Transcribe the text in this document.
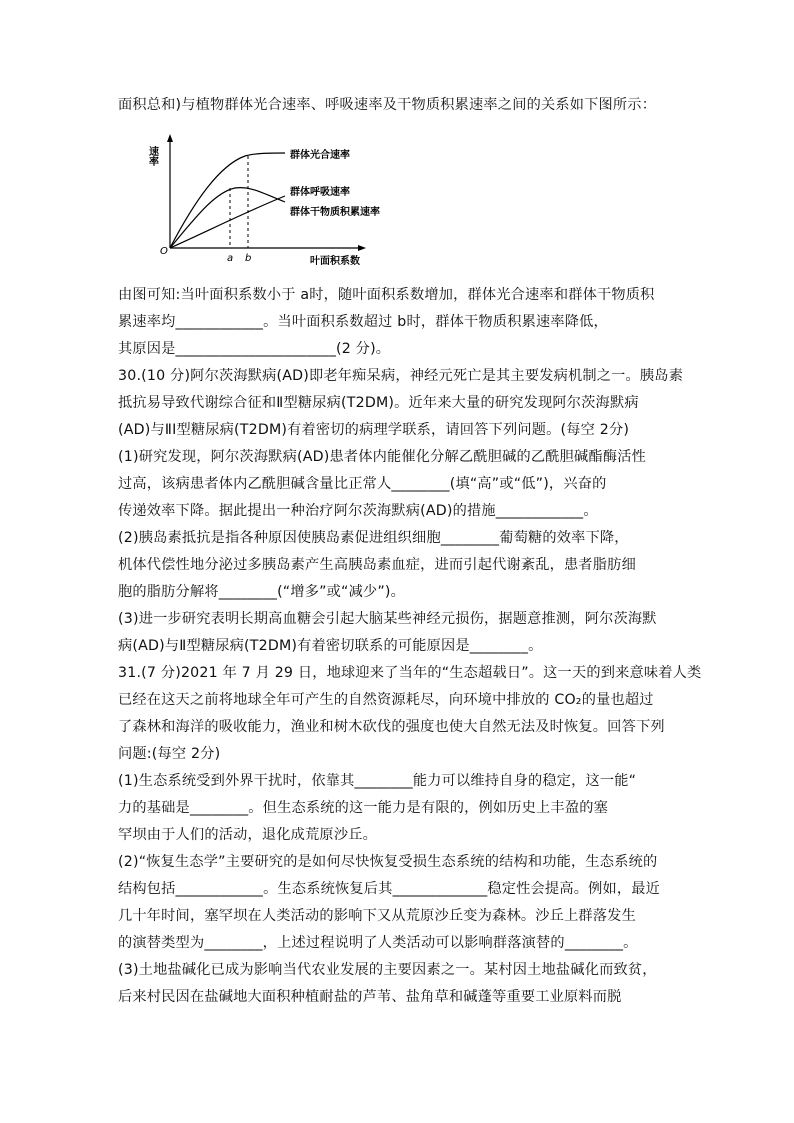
面积总和)与植物群体光合速率、呼吸速率及干物质积累速率之间的关系如下图所示：
速率
O
a b	叶面积系数
群体光合速率
群体呼吸速率
群体干物质积累速率
由图可知:当叶面积系数小于 a时，随叶面积系数增加，群体光合速率和群体干物质积
累速率均____________。当叶面积系数超过 b时，群体干物质积累速率降低，
其原因是______________________(2 分)。
30.(10 分)阿尔茨海默病(AD)即老年痴呆病，神经元死亡是其主要发病机制之一。胰岛素
抵抗易导致代谢综合征和Ⅱ型糖尿病(T2DM)。近年来大量的研究发现阿尔茨海默病
(AD)与ⅡI型糖尿病(T2DM)有着密切的病理学联系，请回答下列问题。(每空 2分)
(1)研究发现，阿尔茨海默病(AD)患者体内能催化分解乙酰胆碱的乙酰胆碱酯酶活性
过高，该病患者体内乙酰胆碱含量比正常人________(填“高”或“低”)，兴奋的
传递效率下降。据此提出一种治疗阿尔茨海默病(AD)的措施____________。
(2)胰岛素抵抗是指各种原因使胰岛素促进组织细胞________葡萄糖的效率下降，
机体代偿性地分泌过多胰岛素产生高胰岛素血症，进而引起代谢紊乱，患者脂肪细
胞的脂肪分解将________(“增多”或“减少”)。
(3)进一步研究表明长期高血糖会引起大脑某些神经元损伤，据题意推测，阿尔茨海默
病(AD)与Ⅱ型糖尿病(T2DM)有着密切联系的可能原因是________。
31.(7 分)2021 年 7 月 29 日，地球迎来了当年的“生态超载日”。这一天的到来意味着人类
已经在这天之前将地球全年可产生的自然资源耗尽，向环境中排放的 CO₂的量也超过
了森林和海洋的吸收能力，渔业和树木砍伐的强度也使大自然无法及时恢复。回答下列
问题:(每空 2分)
(1)生态系统受到外界干扰时，依靠其________能力可以维持自身的稳定，这一能“
力的基础是________。但生态系统的这一能力是有限的，例如历史上丰盈的塞
罕坝由于人们的活动，退化成荒原沙丘。
(2)“恢复生态学”主要研究的是如何尽快恢复受损生态系统的结构和功能，生态系统的
结构包括____________。生态系统恢复后其_____________稳定性会提高。例如，最近
几十年时间，塞罕坝在人类活动的影响下又从荒原沙丘变为森林。沙丘上群落发生
的演替类型为________，上述过程说明了人类活动可以影响群落演替的________。
(3)土地盐碱化已成为影响当代农业发展的主要因素之一。某村因土地盐碱化而致贫，
后来村民因在盐碱地大面积种植耐盐的芦苇、盐角草和碱蓬等重要工业原料而脱
